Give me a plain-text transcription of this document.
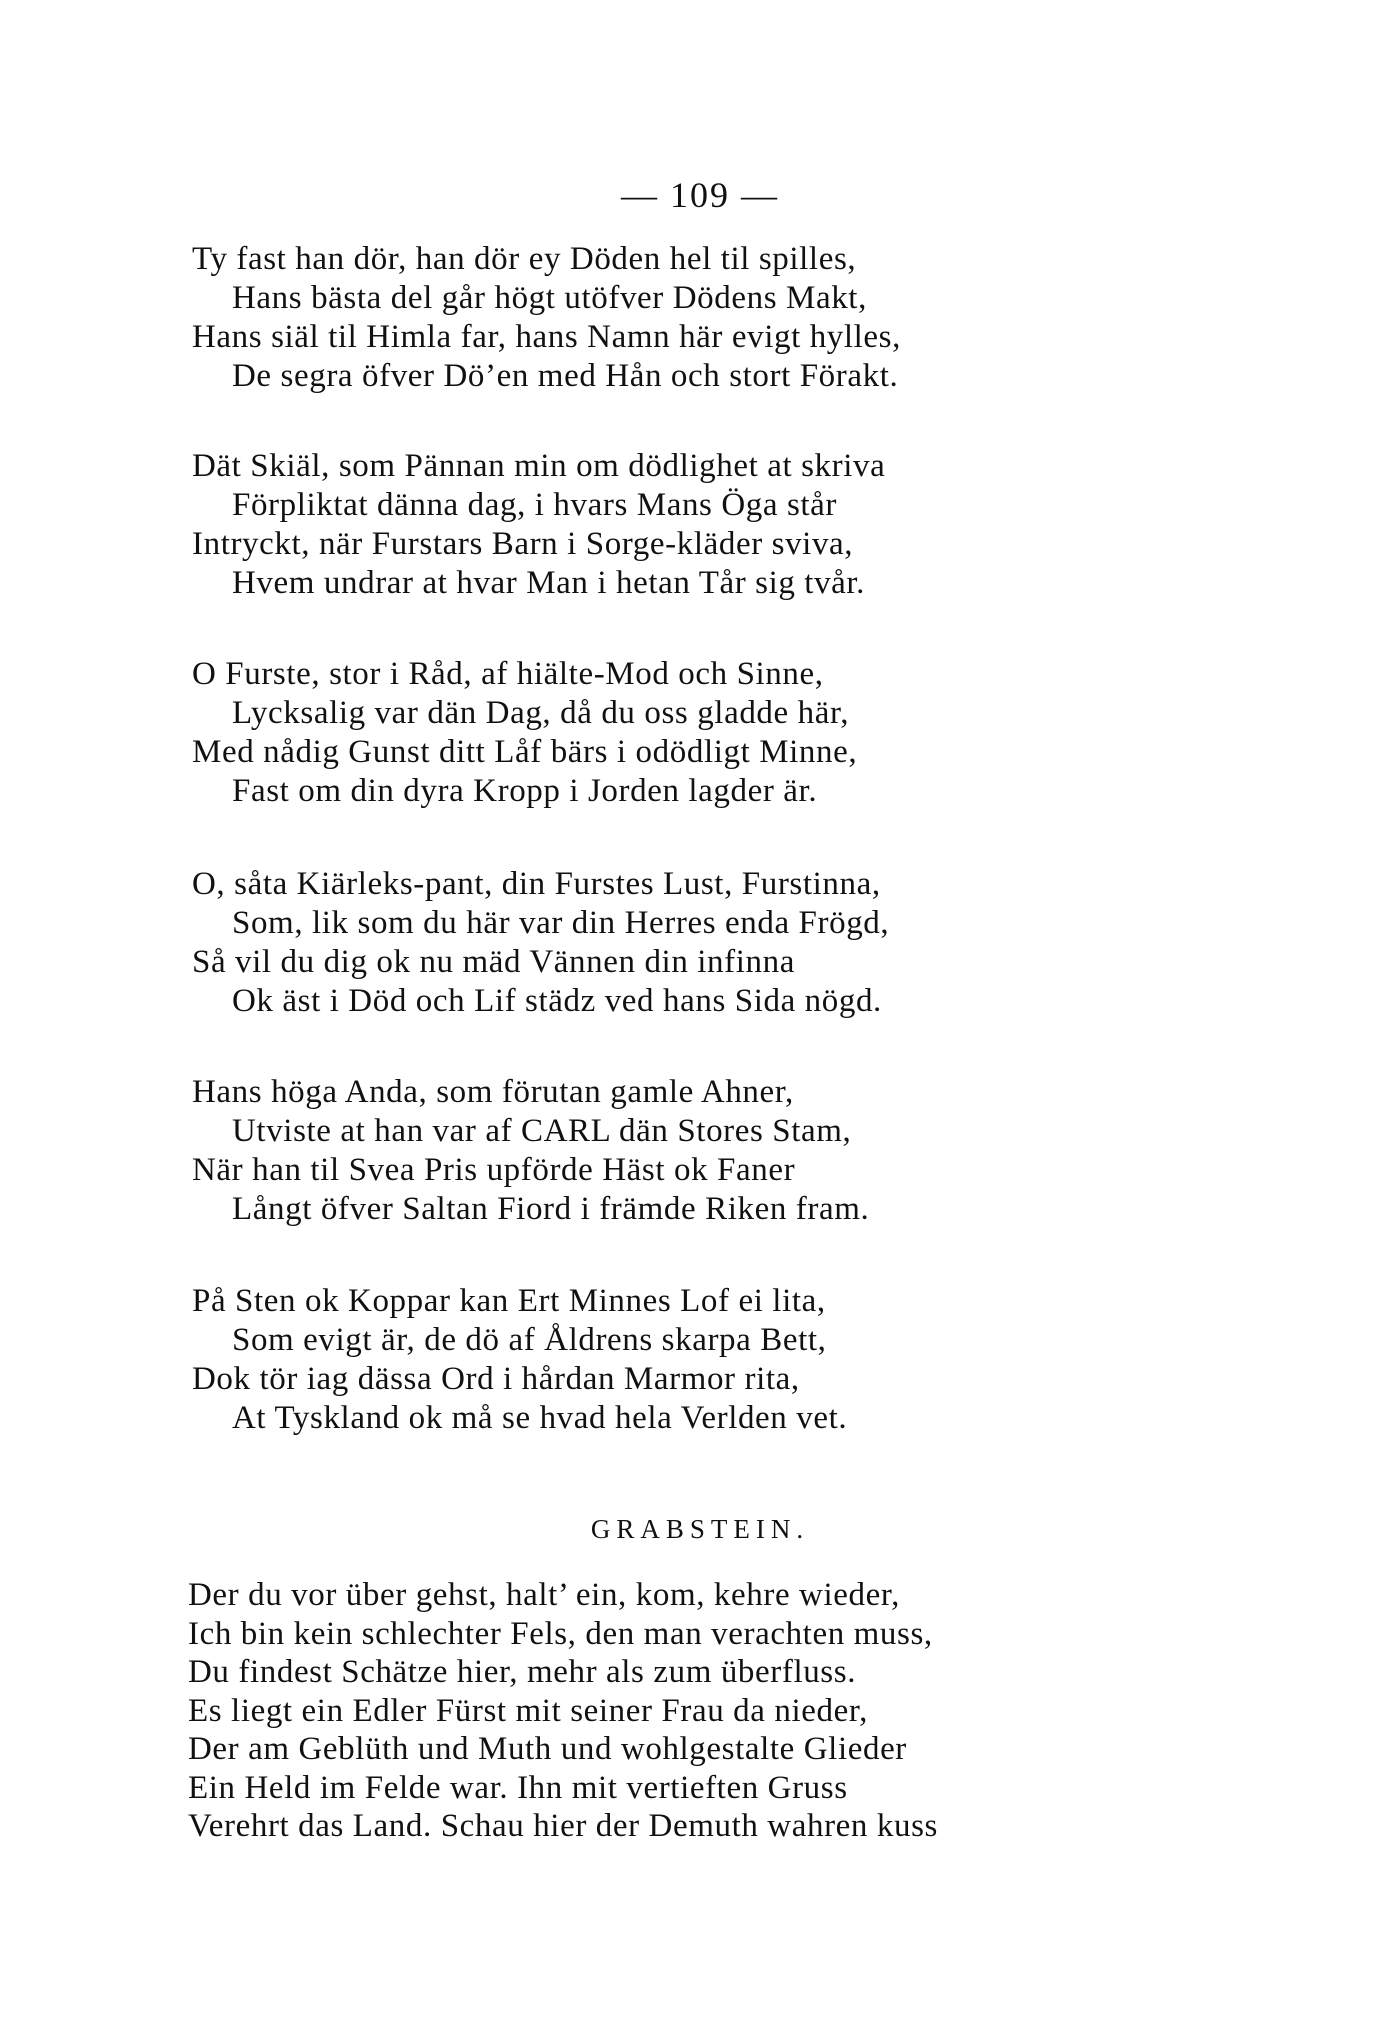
— 109 —
Ty fast han dör, han dör ey Döden hel til spilles,
Hans bästa del går högt utöfver Dödens Makt,
Hans siäl til Himla far, hans Namn här evigt hylles,
De segra öfver Dö’en med Hån och stort Förakt.
Dät Skiäl, som Pännan min om dödlighet at skriva
Förpliktat dänna dag, i hvars Mans Öga står
Intryckt, när Furstars Barn i Sorge-kläder sviva,
Hvem undrar at hvar Man i hetan Tår sig tvår.
O Furste, stor i Råd, af hiälte-Mod och Sinne,
Lycksalig var dän Dag, då du oss gladde här,
Med nådig Gunst ditt Låf bärs i odödligt Minne,
Fast om din dyra Kropp i Jorden lagder är.
O, såta Kiärleks-pant, din Furstes Lust, Furstinna,
Som, lik som du här var din Herres enda Frögd,
Så vil du dig ok nu mäd Vännen din infinna
Ok äst i Död och Lif städz ved hans Sida nögd.
Hans höga Anda, som förutan gamle Ahner,
Utviste at han var af CARL dän Stores Stam,
När han til Svea Pris upförde Häst ok Faner
Långt öfver Saltan Fiord i främde Riken fram.
På Sten ok Koppar kan Ert Minnes Lof ei lita,
Som evigt är, de dö af Åldrens skarpa Bett,
Dok tör iag dässa Ord i hårdan Marmor rita,
At Tyskland ok må se hvad hela Verlden vet.
GRABSTEIN.
Der du vor über gehst, halt’ ein, kom, kehre wieder,
Ich bin kein schlechter Fels, den man verachten muss,
Du findest Schätze hier, mehr als zum überfluss.
Es liegt ein Edler Fürst mit seiner Frau da nieder,
Der am Geblüth und Muth und wohlgestalte Glieder
Ein Held im Felde war. Ihn mit vertieften Gruss
Verehrt das Land. Schau hier der Demuth wahren kuss
